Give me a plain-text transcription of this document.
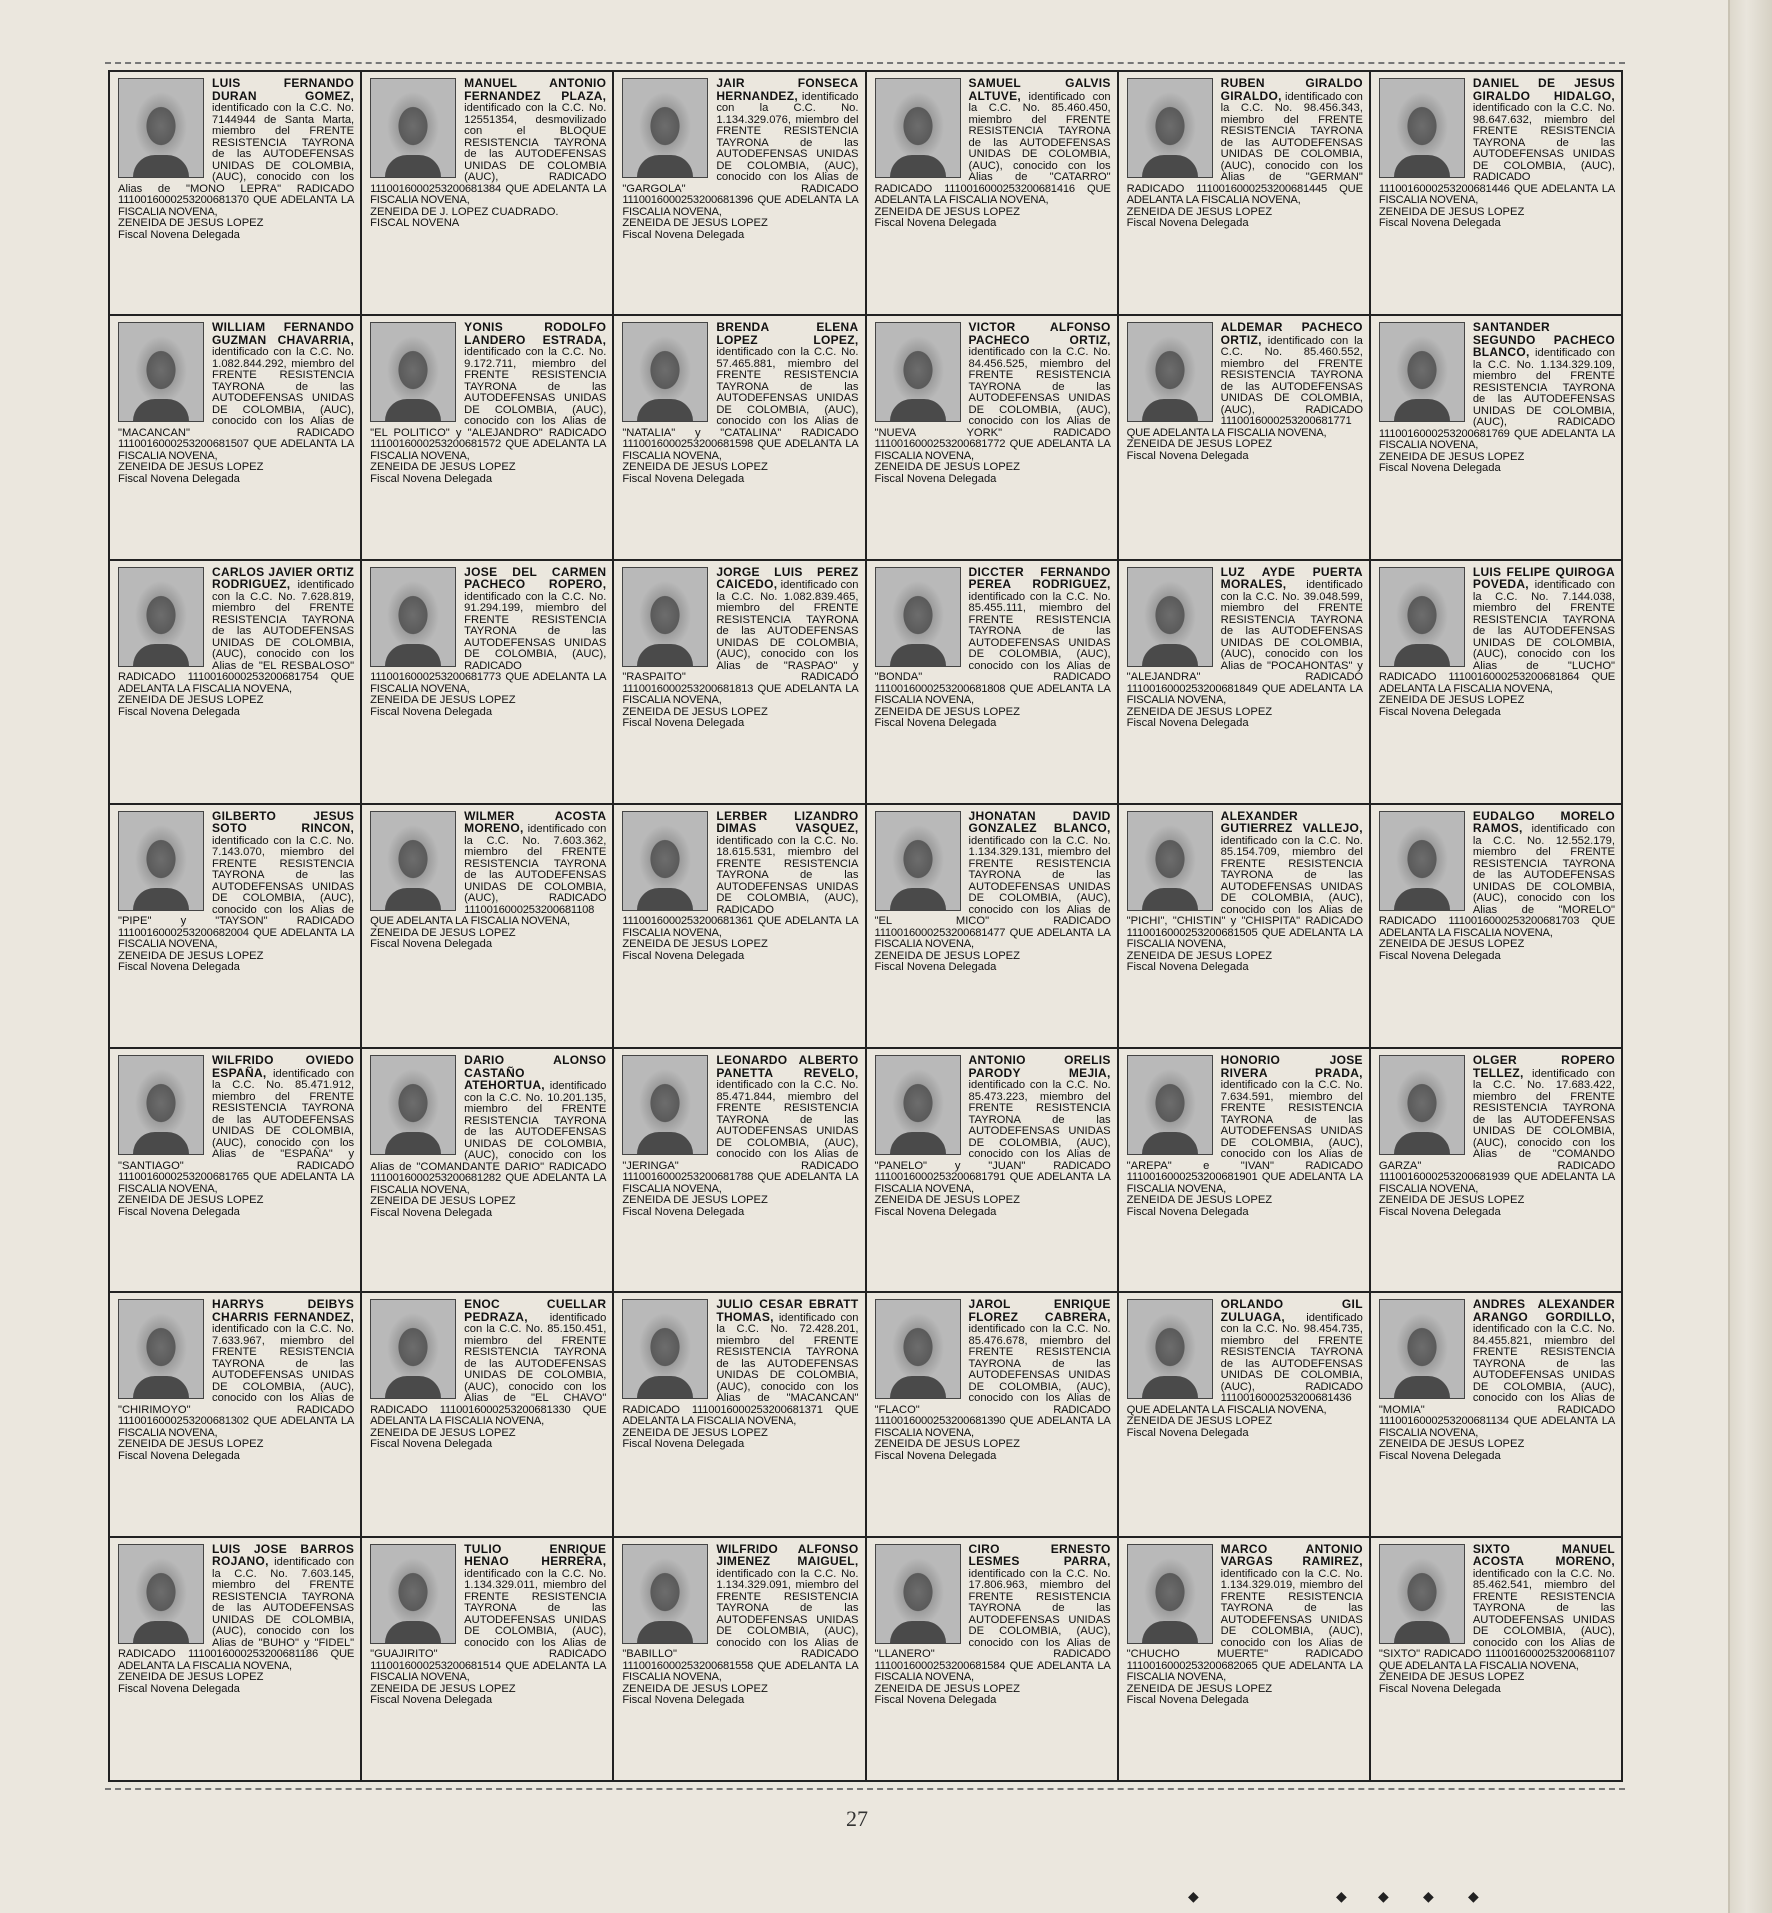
LUIS FERNANDO DURAN GOMEZ, identificado con la C.C. No. 7144944 de Santa Marta, miembro del FRENTE RESISTENCIA TAYRONA de las AUTODEFENSAS UNIDAS DE COLOMBIA, (AUC), conocido con los Alias de "MONO LEPRA" RADICADO 1110016000253200681370 QUE ADELANTA LA FISCALIA NOVENA,
ZENEIDA DE JESUS LOPEZ
Fiscal Novena Delegada
MANUEL ANTONIO FERNANDEZ PLAZA, identificado con la C.C. No. 12551354, desmovilizado con el BLOQUE RESISTENCIA TAYRONA de las AUTODEFENSAS UNIDAS DE COLOMBIA (AUC),	RADICADO 1110016000253200681384 QUE ADELANTA LA FISCALIA NOVENA,
ZENEIDA DE J. LOPEZ CUADRADO.
FISCAL NOVENA
JAIR FONSECA HERNANDEZ, identificado con la C.C. No. 1.134.329.076, miembro del FRENTE RESISTENCIA TAYRONA de las AUTODEFENSAS UNIDAS DE COLOMBIA, (AUC), conocido con los Alias de "GARGOLA"	RADICADO 1110016000253200681396 QUE ADELANTA LA FISCALIA NOVENA,
ZENEIDA DE JESUS LOPEZ
Fiscal Novena Delegada
SAMUEL GALVIS ALTUVE, identificado con la C.C. No. 85.460.450, miembro del FRENTE RESISTENCIA TAYRONA de las AUTODEFENSAS UNIDAS DE COLOMBIA, (AUC), conocido con los Alias de "CATARRO" RADICADO 1110016000253200681416 QUE ADELANTA LA FISCALIA NOVENA,
ZENEIDA DE JESUS LOPEZ
Fiscal Novena Delegada
RUBEN GIRALDO GIRALDO, identificado con la C.C. No. 98.456.343, miembro del FRENTE RESISTENCIA TAYRONA de las AUTODEFENSAS UNIDAS DE COLOMBIA, (AUC), conocido con los Alias de "GERMAN" RADICADO 1110016000253200681445 QUE ADELANTA LA FISCALIA NOVENA,
ZENEIDA DE JESUS LOPEZ
Fiscal Novena Delegada
DANIEL DE JESUS GIRALDO HIDALGO, identificado con la C.C. No. 98.647.632, miembro del FRENTE RESISTENCIA TAYRONA de las AUTODEFENSAS UNIDAS DE COLOMBIA, (AUC), RADICADO 1110016000253200681446 QUE ADELANTA LA FISCALIA NOVENA,
ZENEIDA DE JESUS LOPEZ
Fiscal Novena Delegada
WILLIAM FERNANDO GUZMAN CHAVARRIA, identificado con la C.C. No. 1.082.844.292, miembro del FRENTE RESISTENCIA TAYRONA de las AUTODEFENSAS UNIDAS DE COLOMBIA, (AUC), conocido con los Alias de "MACANCAN"	RADICADO 1110016000253200681507 QUE ADELANTA LA FISCALIA NOVENA,
ZENEIDA DE JESUS LOPEZ
Fiscal Novena Delegada
YONIS RODOLFO LANDERO ESTRADA, identificado con la C.C. No. 9.172.711, miembro del FRENTE RESISTENCIA TAYRONA de las AUTODEFENSAS UNIDAS DE COLOMBIA, (AUC), conocido con los Alias de "EL POLITICO" y "ALEJANDRO" RADICADO 1110016000253200681572 QUE ADELANTA LA FISCALIA NOVENA,
ZENEIDA DE JESUS LOPEZ
Fiscal Novena Delegada
BRENDA ELENA LOPEZ LOPEZ, identificado con la C.C. No. 57.465.881, miembro del FRENTE RESISTENCIA TAYRONA de las AUTODEFENSAS UNIDAS DE COLOMBIA, (AUC), conocido con los Alias de "NATALIA" y "CATALINA" RADICADO 1110016000253200681598 QUE ADELANTA LA FISCALIA NOVENA,
ZENEIDA DE JESUS LOPEZ
Fiscal Novena Delegada
VICTOR ALFONSO PACHECO ORTIZ, identificado con la C.C. No. 84.456.525, miembro del FRENTE RESISTENCIA TAYRONA de las AUTODEFENSAS UNIDAS DE COLOMBIA, (AUC), conocido con los Alias de "NUEVA YORK"	RADICADO 1110016000253200681772 QUE ADELANTA LA FISCALIA NOVENA,
ZENEIDA DE JESUS LOPEZ
Fiscal Novena Delegada
ALDEMAR PACHECO ORTIZ, identificado con la C.C. No. 85.460.552, miembro del FRENTE RESISTENCIA TAYRONA de las AUTODEFENSAS UNIDAS DE COLOMBIA, (AUC),	RADICADO 1110016000253200681771 QUE ADELANTA LA FISCALIA NOVENA,
ZENEIDA DE JESUS LOPEZ
Fiscal Novena Delegada
SANTANDER SEGUNDO PACHECO BLANCO, identificado con la C.C. No. 1.134.329.109, miembro del FRENTE RESISTENCIA TAYRONA de las AUTODEFENSAS UNIDAS DE COLOMBIA, (AUC),	RADICADO 1110016000253200681769 QUE ADELANTA LA FISCALIA NOVENA,
ZENEIDA DE JESUS LOPEZ
Fiscal Novena Delegada
CARLOS JAVIER ORTIZ RODRIGUEZ, identificado con la C.C. No. 7.628.819, miembro del FRENTE RESISTENCIA TAYRONA de las AUTODEFENSAS UNIDAS DE COLOMBIA, (AUC), conocido con los Alias de "EL RESBALOSO" RADICADO 1110016000253200681754 QUE ADELANTA LA FISCALIA NOVENA,
ZENEIDA DE JESUS LOPEZ
Fiscal Novena Delegada
JOSE DEL CARMEN PACHECO ROPERO, identificado con la C.C. No. 91.294.199, miembro del FRENTE RESISTENCIA TAYRONA de las AUTODEFENSAS UNIDAS DE COLOMBIA, (AUC), RADICADO 1110016000253200681773 QUE ADELANTA LA FISCALIA NOVENA,
ZENEIDA DE JESUS LOPEZ
Fiscal Novena Delegada
JORGE LUIS PEREZ CAICEDO, identificado con la C.C. No. 1.082.839.465, miembro del FRENTE RESISTENCIA TAYRONA de las AUTODEFENSAS UNIDAS DE COLOMBIA, (AUC), conocido con los Alias de "RASPAO" y "RASPAITO"	RADICADO 1110016000253200681813 QUE ADELANTA LA FISCALIA NOVENA,
ZENEIDA DE JESUS LOPEZ
Fiscal Novena Delegada
DICCTER FERNANDO PEREA RODRIGUEZ, identificado con la C.C. No. 85.455.111, miembro del FRENTE RESISTENCIA TAYRONA de las AUTODEFENSAS UNIDAS DE COLOMBIA, (AUC), conocido con los Alias de "BONDA"	RADICADO 1110016000253200681808 QUE ADELANTA LA FISCALIA NOVENA,
ZENEIDA DE JESUS LOPEZ
Fiscal Novena Delegada
LUZ AYDE PUERTA MORALES, identificado con la C.C. No. 39.048.599, miembro del FRENTE RESISTENCIA TAYRONA de las AUTODEFENSAS UNIDAS DE COLOMBIA, (AUC), conocido con los Alias de "POCAHONTAS" y "ALEJANDRA"	RADICADO 1110016000253200681849 QUE ADELANTA LA FISCALIA NOVENA,
ZENEIDA DE JESUS LOPEZ
Fiscal Novena Delegada
LUIS FELIPE QUIROGA POVEDA, identificado con la C.C. No. 7.144.038, miembro del FRENTE RESISTENCIA TAYRONA de las AUTODEFENSAS UNIDAS DE COLOMBIA, (AUC), conocido con los Alias de "LUCHO" RADICADO 1110016000253200681864 QUE ADELANTA LA FISCALIA NOVENA,
ZENEIDA DE JESUS LOPEZ
Fiscal Novena Delegada
GILBERTO JESUS SOTO RINCON, identificado con la C.C. No. 7.143.070, miembro del FRENTE RESISTENCIA TAYRONA de las AUTODEFENSAS UNIDAS DE COLOMBIA, (AUC), conocido con los Alias de "PIPE" y "TAYSON"	RADICADO 1110016000253200682004 QUE ADELANTA LA FISCALIA NOVENA,
ZENEIDA DE JESUS LOPEZ
Fiscal Novena Delegada
WILMER ACOSTA MORENO, identificado con la C.C. No. 7.603.362, miembro del FRENTE RESISTENCIA TAYRONA de las AUTODEFENSAS UNIDAS DE COLOMBIA, (AUC),	RADICADO 1110016000253200681108 QUE ADELANTA LA FISCALIA NOVENA,
ZENEIDA DE JESUS LOPEZ
Fiscal Novena Delegada
LERBER LIZANDRO DIMAS VASQUEZ, identificado con la C.C. No. 18.615.531, miembro del FRENTE RESISTENCIA TAYRONA de las AUTODEFENSAS UNIDAS DE COLOMBIA, (AUC), RADICADO 1110016000253200681361 QUE ADELANTA LA FISCALIA NOVENA,
ZENEIDA DE JESUS LOPEZ
Fiscal Novena Delegada
JHONATAN DAVID GONZALEZ BLANCO, identificado con la C.C. No. 1.134.329.131, miembro del FRENTE RESISTENCIA TAYRONA de las AUTODEFENSAS UNIDAS DE COLOMBIA, (AUC), conocido con los Alias de "EL MICO"	RADICADO 1110016000253200681477 QUE ADELANTA LA FISCALIA NOVENA,
ZENEIDA DE JESUS LOPEZ
Fiscal Novena Delegada
ALEXANDER GUTIERREZ VALLEJO, identificado con la C.C. No. 85.154.709, miembro del FRENTE RESISTENCIA TAYRONA de las AUTODEFENSAS UNIDAS DE COLOMBIA, (AUC), conocido con los Alias de "PICHI", "CHISTIN" y "CHISPITA" RADICADO 1110016000253200681505 QUE ADELANTA LA FISCALIA NOVENA,
ZENEIDA DE JESUS LOPEZ
Fiscal Novena Delegada
EUDALGO MORELO RAMOS, identificado con la C.C. No. 12.552.179, miembro del FRENTE RESISTENCIA TAYRONA de las AUTODEFENSAS UNIDAS DE COLOMBIA, (AUC), conocido con los Alias de "MORELO" RADICADO 1110016000253200681703 QUE ADELANTA LA FISCALIA NOVENA,
ZENEIDA DE JESUS LOPEZ
Fiscal Novena Delegada
WILFRIDO OVIEDO ESPAÑA, identificado con la C.C. No. 85.471.912, miembro del FRENTE RESISTENCIA TAYRONA de las AUTODEFENSAS UNIDAS DE COLOMBIA, (AUC), conocido con los Alias de "ESPAÑA" y "SANTIAGO"	RADICADO 1110016000253200681765 QUE ADELANTA LA FISCALIA NOVENA,
ZENEIDA DE JESUS LOPEZ
Fiscal Novena Delegada
DARIO ALONSO CASTAÑO ATEHORTUA, identificado con la C.C. No. 10.201.135, miembro del FRENTE RESISTENCIA TAYRONA de las AUTODEFENSAS UNIDAS DE COLOMBIA, (AUC), conocido con los Alias de "COMANDANTE DARIO" RADICADO 1110016000253200681282 QUE ADELANTA LA FISCALIA NOVENA,
ZENEIDA DE JESUS LOPEZ
Fiscal Novena Delegada
LEONARDO ALBERTO PANETTA REVELO, identificado con la C.C. No. 85.471.844, miembro del FRENTE RESISTENCIA TAYRONA de las AUTODEFENSAS UNIDAS DE COLOMBIA, (AUC), conocido con los Alias de "JERINGA"	RADICADO 1110016000253200681788 QUE ADELANTA LA FISCALIA NOVENA,
ZENEIDA DE JESUS LOPEZ
Fiscal Novena Delegada
ANTONIO ORELIS PARODY MEJIA, identificado con la C.C. No. 85.473.223, miembro del FRENTE RESISTENCIA TAYRONA de las AUTODEFENSAS UNIDAS DE COLOMBIA, (AUC), conocido con los Alias de "PANELO" y "JUAN" RADICADO 1110016000253200681791 QUE ADELANTA LA FISCALIA NOVENA,
ZENEIDA DE JESUS LOPEZ
Fiscal Novena Delegada
HONORIO JOSE RIVERA PRADA, identificado con la C.C. No. 7.634.591, miembro del FRENTE RESISTENCIA TAYRONA de las AUTODEFENSAS UNIDAS DE COLOMBIA, (AUC), conocido con los Alias de "AREPA" e "IVAN"	RADICADO 1110016000253200681901 QUE ADELANTA LA FISCALIA NOVENA,
ZENEIDA DE JESUS LOPEZ
Fiscal Novena Delegada
OLGER ROPERO TELLEZ, identificado con la C.C. No. 17.683.422, miembro del FRENTE RESISTENCIA TAYRONA de las AUTODEFENSAS UNIDAS DE COLOMBIA, (AUC), conocido con los Alias de "COMANDO GARZA"	RADICADO 1110016000253200681939 QUE ADELANTA LA FISCALIA NOVENA,
ZENEIDA DE JESUS LOPEZ
Fiscal Novena Delegada
HARRYS DEIBYS CHARRIS FERNANDEZ, identificado con la C.C. No. 7.633.967, miembro del FRENTE RESISTENCIA TAYRONA de las AUTODEFENSAS UNIDAS DE COLOMBIA, (AUC), conocido con los Alias de "CHIRIMOYO"	RADICADO 1110016000253200681302 QUE ADELANTA LA FISCALIA NOVENA,
ZENEIDA DE JESUS LOPEZ
Fiscal Novena Delegada
ENOC CUELLAR PEDRAZA, identificado con la C.C. No. 85.150.451, miembro del FRENTE RESISTENCIA TAYRONA de las AUTODEFENSAS UNIDAS DE COLOMBIA, (AUC), conocido con los Alias de "EL CHAVO" RADICADO 1110016000253200681330 QUE ADELANTA LA FISCALIA NOVENA,
ZENEIDA DE JESUS LOPEZ
Fiscal Novena Delegada
JULIO CESAR EBRATT THOMAS, identificado con la C.C. No. 72.428.201, miembro del FRENTE RESISTENCIA TAYRONA de las AUTODEFENSAS UNIDAS DE COLOMBIA, (AUC), conocido con los Alias de "MACANCAN" RADICADO 1110016000253200681371 QUE ADELANTA LA FISCALIA NOVENA,
ZENEIDA DE JESUS LOPEZ
Fiscal Novena Delegada
JAROL ENRIQUE FLOREZ CABRERA, identificado con la C.C. No. 85.476.678, miembro del FRENTE RESISTENCIA TAYRONA de las AUTODEFENSAS UNIDAS DE COLOMBIA, (AUC), conocido con los Alias de "FLACO"	RADICADO 1110016000253200681390 QUE ADELANTA LA FISCALIA NOVENA,
ZENEIDA DE JESUS LOPEZ
Fiscal Novena Delegada
ORLANDO GIL ZULUAGA, identificado con la C.C. No. 98.454.735, miembro del FRENTE RESISTENCIA TAYRONA de las AUTODEFENSAS UNIDAS DE COLOMBIA, (AUC),	RADICADO 1110016000253200681436 QUE ADELANTA LA FISCALIA NOVENA,
ZENEIDA DE JESUS LOPEZ
Fiscal Novena Delegada
ANDRES ALEXANDER ARANGO GORDILLO, identificado con la C.C. No. 84.455.821, miembro del FRENTE RESISTENCIA TAYRONA de las AUTODEFENSAS UNIDAS DE COLOMBIA, (AUC), conocido con los Alias de "MOMIA"	RADICADO 1110016000253200681134 QUE ADELANTA LA FISCALIA NOVENA,
ZENEIDA DE JESUS LOPEZ
Fiscal Novena Delegada
LUIS JOSE BARROS ROJANO, identificado con la C.C. No. 7.603.145, miembro del FRENTE RESISTENCIA TAYRONA de las AUTODEFENSAS UNIDAS DE COLOMBIA, (AUC), conocido con los Alias de "BUHO" y "FIDEL" RADICADO 1110016000253200681186 QUE ADELANTA LA FISCALIA NOVENA,
ZENEIDA DE JESUS LOPEZ
Fiscal Novena Delegada
TULIO ENRIQUE HENAO HERRERA, identificado con la C.C. No. 1.134.329.011, miembro del FRENTE RESISTENCIA TAYRONA de las AUTODEFENSAS UNIDAS DE COLOMBIA, (AUC), conocido con los Alias de "GUAJIRITO"	RADICADO 1110016000253200681514 QUE ADELANTA LA FISCALIA NOVENA,
ZENEIDA DE JESUS LOPEZ
Fiscal Novena Delegada
WILFRIDO ALFONSO JIMENEZ MAIGUEL, identificado con la C.C. No. 1.134.329.091, miembro del FRENTE RESISTENCIA TAYRONA de las AUTODEFENSAS UNIDAS DE COLOMBIA, (AUC), conocido con los Alias de "BABILLO"	RADICADO 1110016000253200681558 QUE ADELANTA LA FISCALIA NOVENA,
ZENEIDA DE JESUS LOPEZ
Fiscal Novena Delegada
CIRO ERNESTO LESMES PARRA, identificado con la C.C. No. 17.806.963, miembro del FRENTE RESISTENCIA TAYRONA de las AUTODEFENSAS UNIDAS DE COLOMBIA, (AUC), conocido con los Alias de "LLANERO"	RADICADO 1110016000253200681584 QUE ADELANTA LA FISCALIA NOVENA,
ZENEIDA DE JESUS LOPEZ
Fiscal Novena Delegada
MARCO ANTONIO VARGAS RAMIREZ, identificado con la C.C. No. 1.134.329.019, miembro del FRENTE RESISTENCIA TAYRONA de las AUTODEFENSAS UNIDAS DE COLOMBIA, (AUC), conocido con los Alias de "CHUCHO MUERTE"	RADICADO 1110016000253200682065 QUE ADELANTA LA FISCALIA NOVENA,
ZENEIDA DE JESUS LOPEZ
Fiscal Novena Delegada
SIXTO MANUEL ACOSTA MORENO, identificado con la C.C. No. 85.462.541, miembro del FRENTE RESISTENCIA TAYRONA de las AUTODEFENSAS UNIDAS DE COLOMBIA, (AUC), conocido con los Alias de "SIXTO" RADICADO 1110016000253200681107 QUE ADELANTA LA FISCALIA NOVENA,
ZENEIDA DE JESUS LOPEZ
Fiscal Novena Delegada
27
◆	◆ ◆ ◆ ◆
